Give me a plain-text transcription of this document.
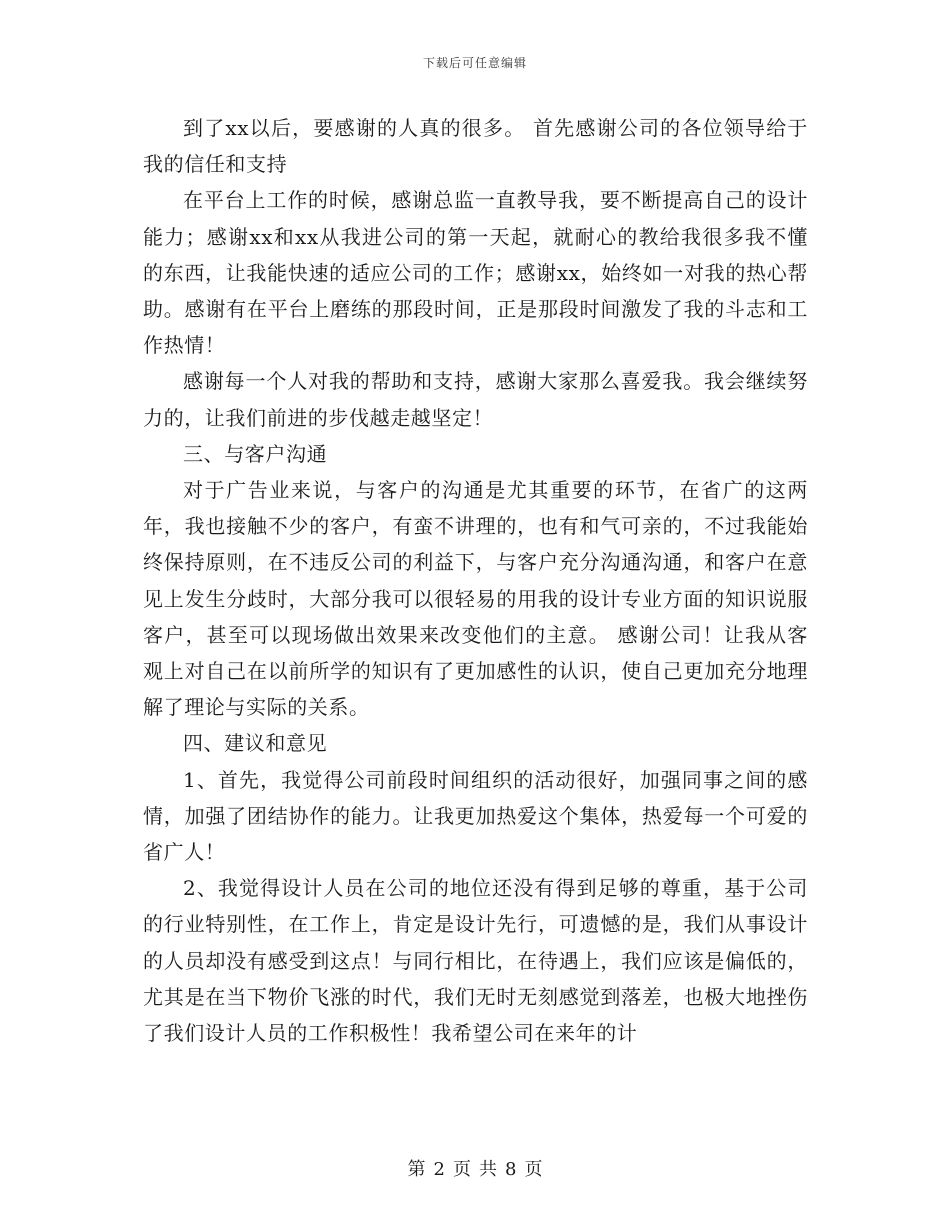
下载后可任意编辑

到了xx以后，要感谢的人真的很多。 首先感谢公司的各位领导给于我的信任和支持

在平台上工作的时候，感谢总监一直教导我，要不断提高自己的设计能力；感谢xx和xx从我进公司的第一天起，就耐心的教给我很多我不懂的东西，让我能快速的适应公司的工作；感谢xx，始终如一对我的热心帮助。感谢有在平台上磨练的那段时间，正是那段时间激发了我的斗志和工作热情！

感谢每一个人对我的帮助和支持，感谢大家那么喜爱我。我会继续努力的，让我们前进的步伐越走越坚定！

三、与客户沟通

对于广告业来说，与客户的沟通是尤其重要的环节，在省广的这两年，我也接触不少的客户，有蛮不讲理的，也有和气可亲的，不过我能始终保持原则，在不违反公司的利益下，与客户充分沟通沟通，和客户在意见上发生分歧时，大部分我可以很轻易的用我的设计专业方面的知识说服客户，甚至可以现场做出效果来改变他们的主意。 感谢公司！让我从客观上对自己在以前所学的知识有了更加感性的认识，使自己更加充分地理解了理论与实际的关系。

四、建议和意见

1、首先，我觉得公司前段时间组织的活动很好，加强同事之间的感情，加强了团结协作的能力。让我更加热爱这个集体，热爱每一个可爱的省广人！

2、我觉得设计人员在公司的地位还没有得到足够的尊重，基于公司的行业特别性，在工作上，肯定是设计先行，可遗憾的是，我们从事设计的人员却没有感受到这点！与同行相比，在待遇上，我们应该是偏低的，尤其是在当下物价飞涨的时代，我们无时无刻感觉到落差，也极大地挫伤了我们设计人员的工作积极性！我希望公司在来年的计

第 2 页 共 8 页
